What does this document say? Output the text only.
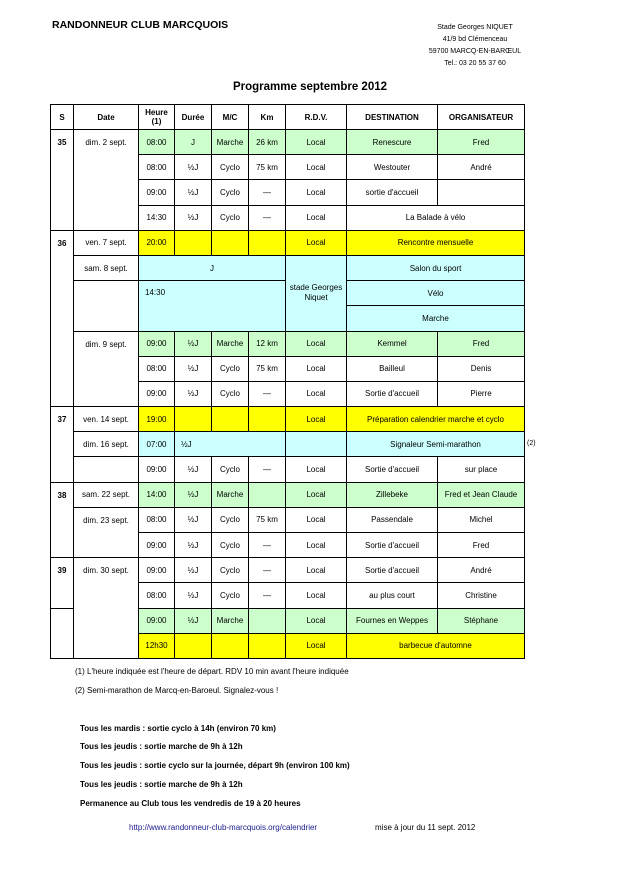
RANDONNEUR CLUB MARCQUOIS	Stade Georges NIQUET
41/9 bd Clémenceau
59700 MARCQ-EN-BARŒUL
Tel.: 03 20 55 37 60
Programme septembre 2012
S	Date	Heure
(1)	Durée	M/C	Km	R.D.V.	DESTINATION	ORGANISATEUR
35	dim. 2 sept.	08:00	J	Marche	26 km	Local	Renescure	Fred
		08:00	½J	Cyclo	75 km	Local	Westouter	André
		09:00	½J	Cyclo	—	Local	sortie d'accueil	
		14:30	½J	Cyclo	—	Local	La Balade à vélo	
36	ven. 7 sept.	20:00				Local	Rencontre mensuelle	
	sam. 8 sept.	J				stade Georges Niquet	Salon du sport	
		14:30					Vélo	
							Marche	
	dim. 9 sept.	09:00	½J	Marche	12 km	Local	Kemmel	Fred
		08:00	½J	Cyclo	75 km	Local	Bailleul	Denis
		09:00	½J	Cyclo	—	Local	Sortie d'accueil	Pierre
37	ven. 14 sept.	19:00				Local	Préparation calendrier marche et cyclo	
	dim. 16 sept.	07:00	½J				Signaleur Semi-marathon	
		09:00	½J	Cyclo	—	Local	Sortie d'accueil	sur place
38	sam. 22 sept.	14:00	½J	Marche		Local	Zillebeke	Fred et Jean Claude
	dim. 23 sept.	08:00	½J	Cyclo	75 km	Local	Passendale	Michel
		09:00	½J	Cyclo	—	Local	Sortie d'accueil	Fred
39	dim. 30 sept.	09:00	½J	Cyclo	—	Local	Sortie d'accueil	André
		08:00	½J	Cyclo	—	Local	au plus court	Christine
		09:00	½J	Marche		Local	Fournes en Weppes	Stéphane
		12h30				Local	barbecue d'automne	
(2)
(1) L'heure indiquée est l'heure de départ. RDV 10 min avant l'heure indiquée
(2) Semi-marathon de Marcq-en-Baroeul. Signalez-vous !
Tous les mardis : sortie cyclo à 14h (environ 70 km)
Tous les jeudis : sortie marche de 9h à 12h
Tous les jeudis : sortie cyclo sur la journée, départ 9h (environ 100 km)
Tous les jeudis : sortie marche de 9h à 12h
Permanence au Club tous les vendredis de 19 à 20 heures
http://www.randonneur-club-marcquois.org/calendrier	mise à jour du 11 sept. 2012
